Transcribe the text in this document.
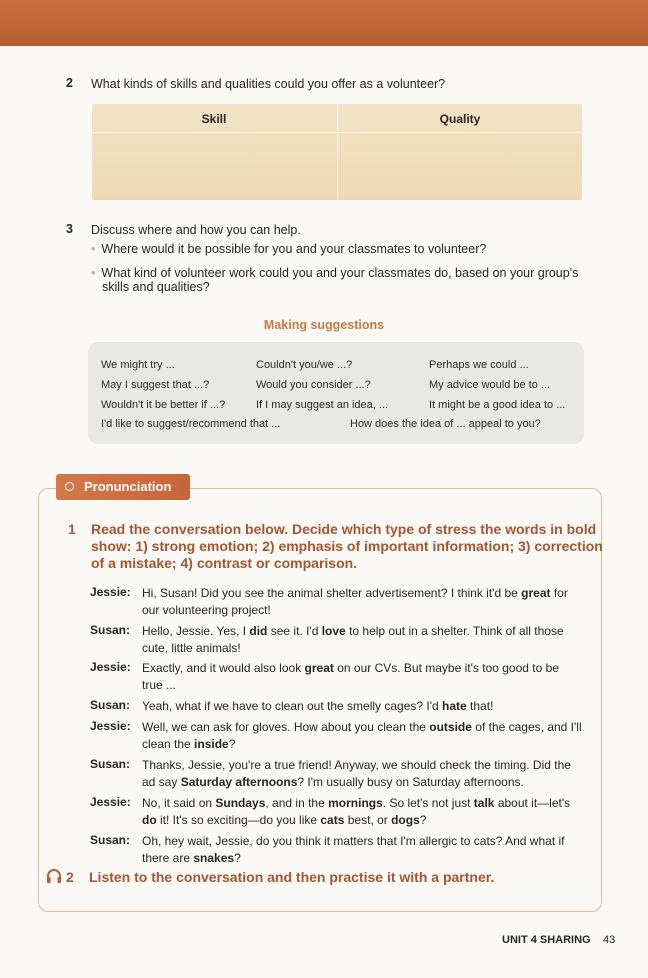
2 What kinds of skills and qualities could you offer as a volunteer?
Skill	Quality
3 Discuss where and how you can help.
• Where would it be possible for you and your classmates to volunteer?
• What kind of volunteer work could you and your classmates do, based on your group's
skills and qualities?
Making suggestions
We might try ...	Couldn't you/we ...?	Perhaps we could ...
May I suggest that ...?	Would you consider ...?	My advice would be to ...
Wouldn't it be better if ...?	If I may suggest an idea, ...	It might be a good idea to ...
I'd like to suggest/recommend that ...	How does the idea of ... appeal to you?
Pronunciation
1 Read the conversation below. Decide which type of stress the words in bold
show: 1) strong emotion; 2) emphasis of important information; 3) correction
of a mistake; 4) contrast or comparison.
Jessie: Hi, Susan! Did you see the animal shelter advertisement? I think it'd be great for
our volunteering project!
Susan: Hello, Jessie. Yes, I did see it. I'd love to help out in a shelter. Think of all those
cute, little animals!
Jessie: Exactly, and it would also look great on our CVs. But maybe it's too good to be
true ...
Susan: Yeah, what if we have to clean out the smelly cages? I'd hate that!
Jessie: Well, we can ask for gloves. How about you clean the outside of the cages, and I'll
clean the inside?
Susan: Thanks, Jessie, you're a true friend! Anyway, we should check the timing. Did the
ad say Saturday afternoons? I'm usually busy on Saturday afternoons.
Jessie: No, it said on Sundays, and in the mornings. So let's not just talk about it—let's
do it! It's so exciting—do you like cats best, or dogs?
Susan: Oh, hey wait, Jessie, do you think it matters that I'm allergic to cats? And what if
there are snakes?
2 Listen to the conversation and then practise it with a partner.
UNIT 4 SHARING 43
